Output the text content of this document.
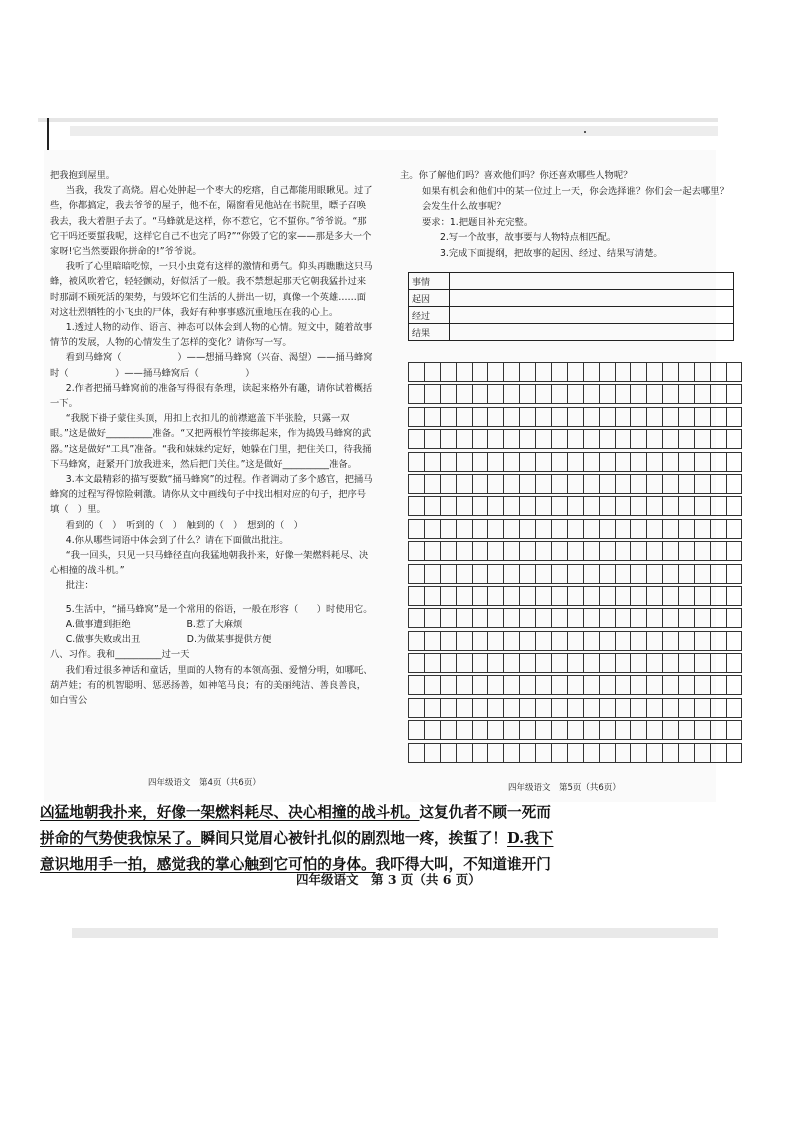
把我抱到屋里。

当我，我发了高烧。眉心处肿起一个枣大的疙瘩，自己都能用眼瞅见。过了些，你都搞定，我去爷爷的屋子，他不在，隔窗看见他站在书院里，瞟子召唤我去，我大着胆子去了。“马蜂就是这样，你不惹它，它不蜇你。”爷爷说。“那它干吗还要蜇我呢，这样它自己不也完了吗?”“你毁了它的家——那是多大一个家呀!它当然要跟你拼命的!”爷爷说。

我听了心里暗暗吃惊，一只小虫竟有这样的激情和勇气。仰头再瞧瞧这只马蜂，被风吹着它，轻轻颤动，好似活了一般。我不禁想起那天它朝我猛扑过来时那副不顾死活的架势，与毁坏它们生活的人拼出一切，真像一个英雄……面对这壮烈牺牲的小飞虫的尸体，我好有种事事感沉重地压在我的心上。

1.透过人物的动作、语言、神态可以体会到人物的心情。短文中，随着故事情节的发展，人物的心情发生了怎样的变化？请你写一写。

看到马蜂窝（　　　　　　）——想捅马蜂窝（兴奋、渴望）——捅马蜂窝时（　　　　　）——捅马蜂窝后（　　　　　）

2.作者把捅马蜂窝前的准备写得很有条理，读起来格外有趣，请你试着概括一下。

“我脱下褂子蒙住头顶，用扣上衣扣儿的前襟遮盖下半张脸，只露一双眼。”这是做好__________准备。“又把两根竹竿接绑起来，作为捣毁马蜂窝的武器。”这是做好“工具”准备。“我和妹妹约定好，她躲在门里，把住关口，待我捅下马蜂窝，赶紧开门放我进来，然后把门关住。”这是做好__________准备。

3.本文最精彩的描写要数“捅马蜂窝”的过程。作者调动了多个感官，把捅马蜂窝的过程写得惊险刺激。请你从文中画线句子中找出相对应的句子，把序号填（　）里。

看到的（　）　听到的（　）　触到的（　）　想到的（　）

4.你从哪些词语中体会到了什么？请在下面做出批注。

“我一回头，只见一只马蜂径直向我猛地朝我扑来，好像一架燃料耗尽、决心相撞的战斗机。”

批注：

5.生活中，“捅马蜂窝”是一个常用的俗语，一般在形容（　　）时使用它。

A.做事遭到拒绝　　　　　　B.惹了大麻烦

C.做事失败或出丑　　　　　D.为做某事提供方便

八、习作。我和__________过一天

我们看过很多神话和童话，里面的人物有的本领高强、爱憎分明，如哪吒、葫芦娃；有的机智聪明、惩恶扬善，如神笔马良；有的美丽纯洁、善良善良，如白雪公

四年级语文　第4页（共6页）

主。你了解他们吗？喜欢他们吗？你还喜欢哪些人物呢？

如果有机会和他们中的某一位过上一天，你会选择谁？你们会一起去哪里？会发生什么故事呢？

要求：1.把题目补充完整。

2.写一个故事，故事要与人物特点相匹配。

3.完成下面提纲，把故事的起因、经过、结果写清楚。

事情	
起因	
经过	
结果	
四年级语文　第5页（共6页）

凶猛地朝我扑来，好像一架燃料耗尽、决心相撞的战斗机。这复仇者不顾一死而

拼命的气势使我惊呆了。瞬间只觉眉心被针扎似的剧烈地一疼，挨蜇了！D.我下

意识地用手一拍，感觉我的掌心触到它可怕的身体。我吓得大叫，不知道谁开门

四年级语文　第 3 页（共 6 页）
